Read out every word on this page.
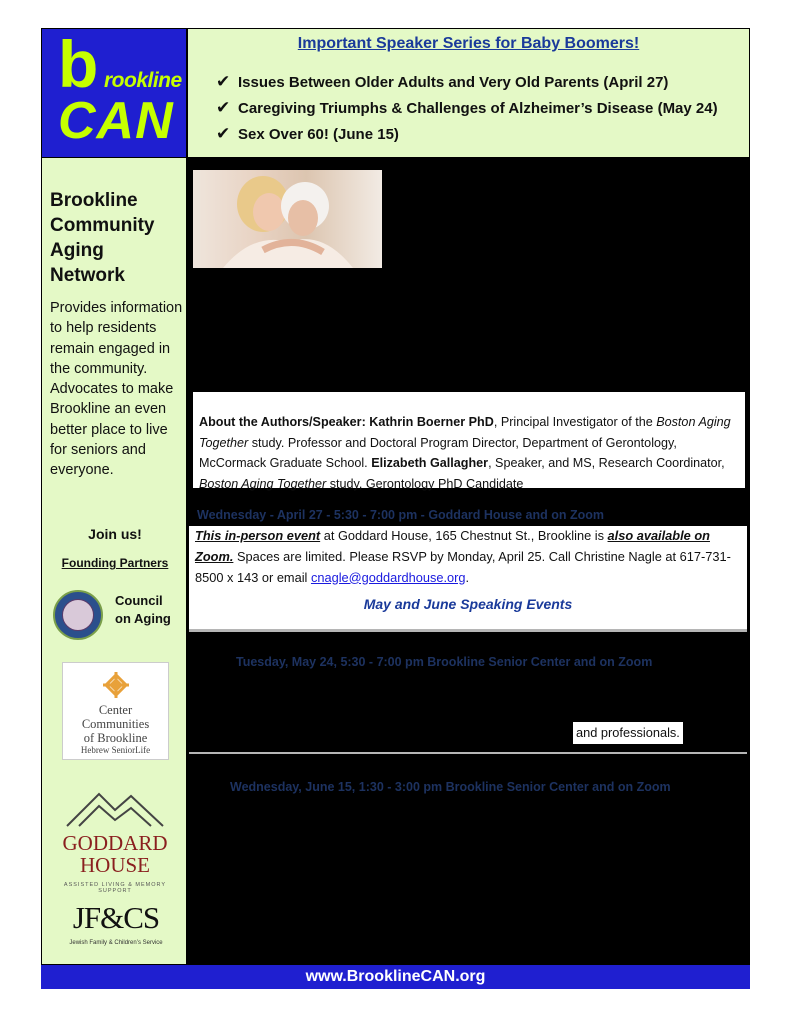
b rookline
CAN
Important Speaker Series for Baby Boomers!
✔ Issues Between Older Adults and Very Old Parents (April 27)
✔ Caregiving Triumphs & Challenges of Alzheimer’s Disease (May 24)
✔ Sex Over 60! (June 15)
Brookline
Community
Aging
Network
Provides information to help residents remain engaged in the community. Advocates to make Brookline an even better place to live for seniors and everyone.
Join us!
Founding Partners
Council
on Aging
Center
Communities
of Brookline
Hebrew SeniorLife
GODDARD
HOUSE
ASSISTED LIVING & MEMORY SUPPORT
JF&CS
Jewish Family & Children’s Service

About the Authors/Speaker: Kathrin Boerner PhD, Principal Investigator of the Boston Aging Together study. Professor and Doctoral Program Director, Department of Gerontology, McCormack Graduate School. Elizabeth Gallagher, Speaker, and MS, Research Coordinator, Boston Aging Together study, Gerontology PhD Candidate

Wednesday - April 27 - 5:30 - 7:00 pm - Goddard House and on Zoom

This in-person event at Goddard House, 165 Chestnut St., Brookline is also available on Zoom. Spaces are limited. Please RSVP by Monday, April 25. Call Christine Nagle at 617-731-8500 x 143 or email cnagle@goddardhouse.org.

May and June Speaking Events
Tuesday, May 24, 5:30 - 7:00 pm Brookline Senior Center and on Zoom
and professionals.
Wednesday, June 15, 1:30 - 3:00 pm Brookline Senior Center and on Zoom
www.BrooklineCAN.org
